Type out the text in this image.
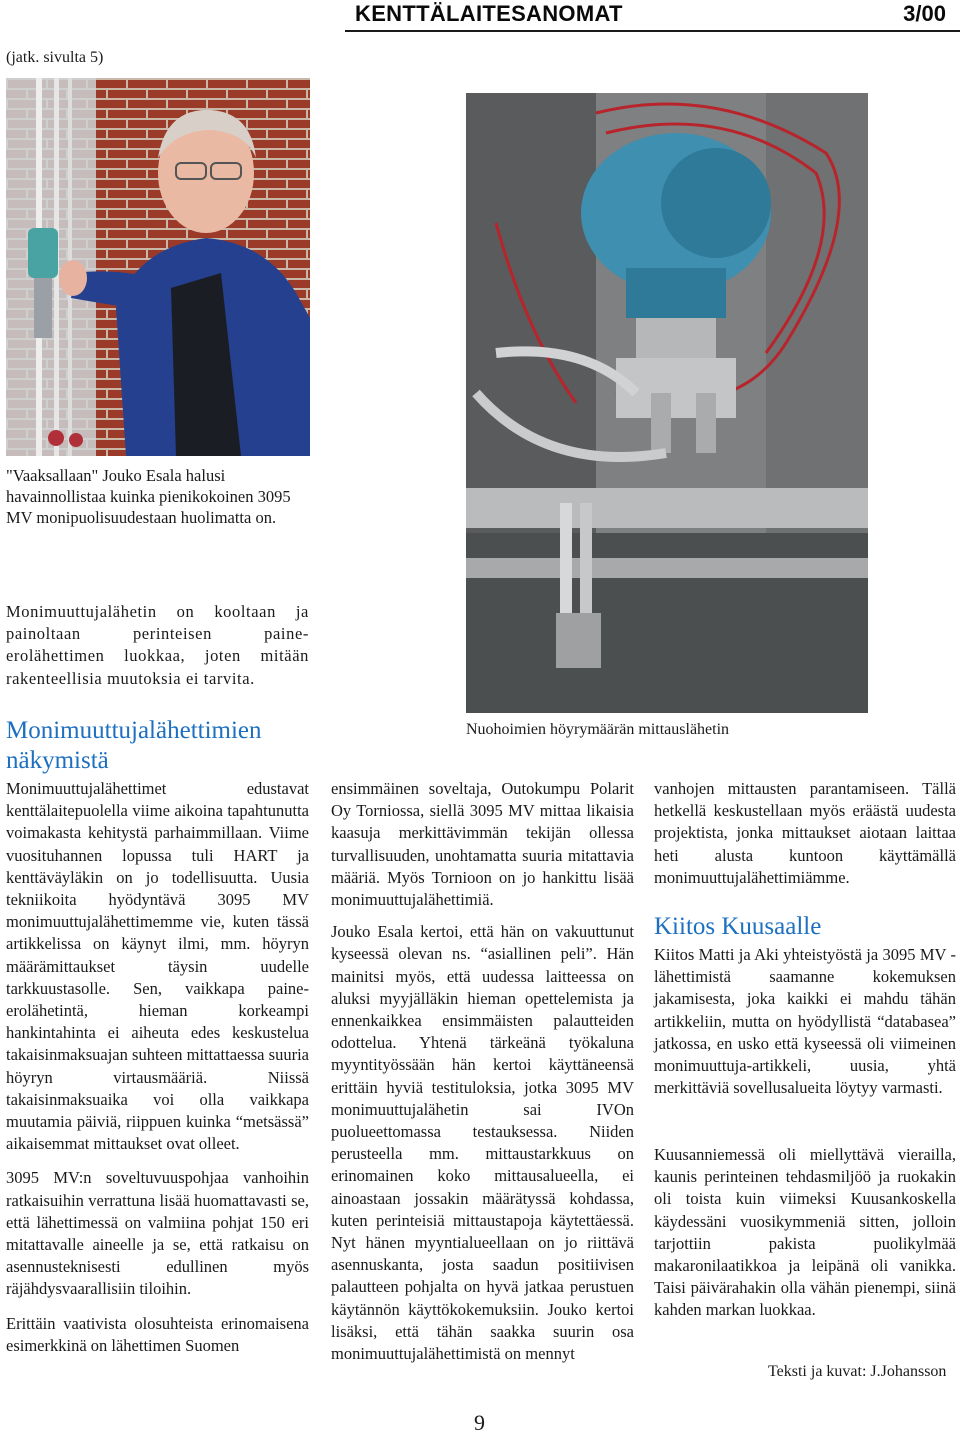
KENTTÄLAITESANOMAT	3/00
(jatk. sivulta 5)
"Vaaksallaan" Jouko Esala halusi havainnollistaa kuinka pienikokoinen 3095 MV monipuolisuudestaan huolimatta on.
Nuohoimien höyrymäärän mittauslähetin
Monimuuttujalähetin on kooltaan ja painoltaan perinteisen paine-erolähettimen luokkaa, joten mitään rakenteellisia muutoksia ei tarvita.
Monimuuttujalähettimien näkymistä

Monimuuttujalähettimet edustavat kenttälaitepuolella viime aikoina tapahtunutta voimakasta kehitystä parhaimmillaan. Viime vuosituhannen lopussa tuli HART ja kenttäväyläkin on jo todellisuutta. Uusia tekniikoita hyödyntävä 3095 MV monimuuttujalähettimemme vie, kuten tässä artikkelissa on käynyt ilmi, mm. höyryn määrämittaukset täysin uudelle tarkkuustasolle. Sen, vaikkapa paine-erolähetintä, hieman korkeampi hankintahinta ei aiheuta edes keskustelua takaisinmaksuajan suhteen mittattaessa suuria höyryn virtausmääriä. Niissä takaisinmaksuaika voi olla vaikkapa muutamia päiviä, riippuen kuinka “metsässä” aikaisemmat mittaukset ovat olleet.

3095 MV:n soveltuvuuspohjaa vanhoihin ratkaisuihin verrattuna lisää huomattavasti se, että lähettimessä on valmiina pohjat 150 eri mitattavalle aineelle ja se, että ratkaisu on asennusteknisesti edullinen myös räjähdysvaarallisiin tiloihin.

Erittäin vaativista olosuhteista erinomaisena esimerkkinä on lähettimen Suomen

ensimmäinen soveltaja, Outokumpu Polarit Oy Torniossa, siellä 3095 MV mittaa likaisia kaasuja merkittävimmän tekijän ollessa turvallisuuden, unohtamatta suuria mitattavia määriä. Myös Tornioon on jo hankittu lisää monimuuttujalähettimiä.

Jouko Esala kertoi, että hän on vakuuttunut kyseessä olevan ns. “asiallinen peli”. Hän mainitsi myös, että uudessa laitteessa on aluksi myyjälläkin hieman opettelemista ja ennenkaikkea ensimmäisten palautteiden odottelua. Yhtenä tärkeänä työkaluna myyntityössään hän kertoi käyttäneensä erittäin hyviä testituloksia, jotka 3095 MV monimuuttujalähetin sai IVOn puolueettomassa testauksessa. Niiden perusteella mm. mittaustarkkuus on erinomainen koko mittausalueella, ei ainoastaan jossakin määrätyssä kohdassa, kuten perinteisiä mittaustapoja käytettäessä. Nyt hänen myyntialueellaan on jo riittävä asennuskanta, josta saadun positiivisen palautteen pohjalta on hyvä jatkaa perustuen käytännön käyttökokemuksiin. Jouko kertoi lisäksi, että tähän saakka suurin osa monimuuttujalähettimistä on mennyt

vanhojen mittausten parantamiseen. Tällä hetkellä keskustellaan myös eräästä uudesta projektista, jonka mittaukset aiotaan laittaa heti alusta kuntoon käyttämällä monimuuttujalähettimiämme.
Kiitos Kuusaalle
Kiitos Matti ja Aki yhteistyöstä ja 3095 MV -lähettimistä saamanne kokemuksen jakamisesta, joka kaikki ei mahdu tähän artikkeliin, mutta on hyödyllistä “databasea” jatkossa, en usko että kyseessä oli viimeinen monimuuttuja-artikkeli, uusia, yhtä merkittäviä sovellusalueita löytyy varmasti.
Kuusanniemessä oli miellyttävä vierailla, kaunis perinteinen tehdasmiljöö ja ruokakin oli toista kuin viimeksi Kuusankoskella käydessäni vuosikymmeniä sitten, jolloin tarjottiin pakista puolikylmää makaronilaatikkoa ja leipänä oli vanikka. Taisi päivärahakin olla vähän pienempi, siinä kahden markan luokkaa.
Teksti ja kuvat: J.Johansson
9
